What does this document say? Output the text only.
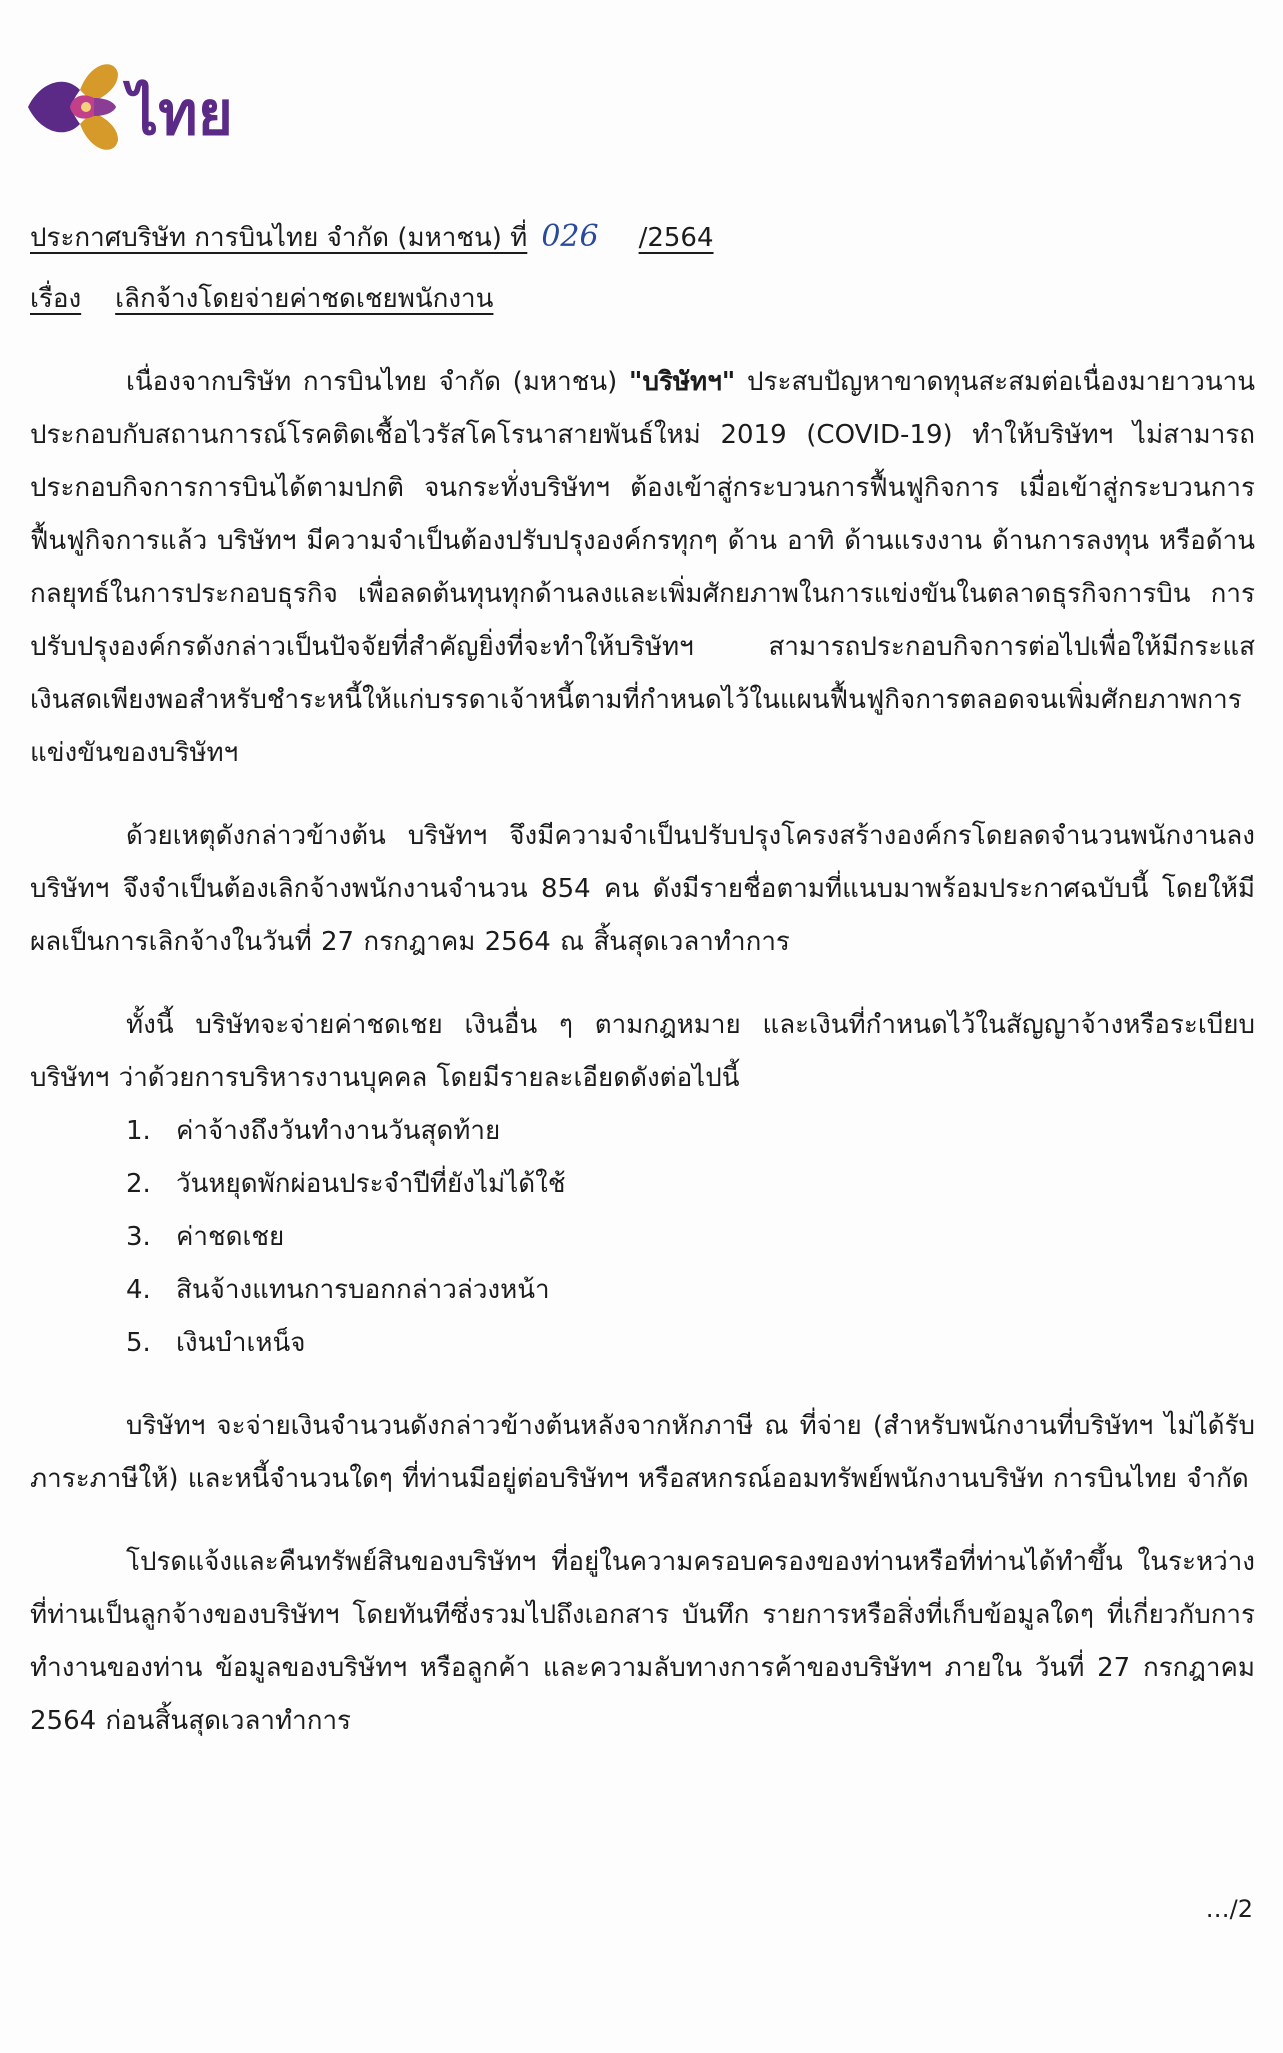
ไทย
ประกาศบริษัท การบินไทย จำกัด (มหาชน) ที่ 026 /2564
เรื่อง เลิกจ้างโดยจ่ายค่าชดเชยพนักงาน

เนื่องจากบริษัท การบินไทย จำกัด (มหาชน) "บริษัทฯ" ประสบปัญหาขาดทุนสะสมต่อเนื่องมายาวนาน ประกอบกับสถานการณ์โรคติดเชื้อไวรัสโคโรนาสายพันธ์ใหม่ 2019 (COVID-19) ทำให้บริษัทฯ ไม่สามารถประกอบกิจการการบินได้ตามปกติ จนกระทั่งบริษัทฯ ต้องเข้าสู่กระบวนการฟื้นฟูกิจการ เมื่อเข้าสู่กระบวนการฟื้นฟูกิจการแล้ว บริษัทฯ มีความจำเป็นต้องปรับปรุงองค์กรทุกๆ ด้าน อาทิ ด้านแรงงาน ด้านการลงทุน หรือด้านกลยุทธ์ในการประกอบธุรกิจ เพื่อลดต้นทุนทุกด้านลงและเพิ่มศักยภาพในการแข่งขันในตลาดธุรกิจการบิน การปรับปรุงองค์กรดังกล่าวเป็นปัจจัยที่สำคัญยิ่งที่จะทำให้บริษัทฯ สามารถประกอบกิจการต่อไปเพื่อให้มีกระแสเงินสดเพียงพอสำหรับชำระหนี้ให้แก่บรรดาเจ้าหนี้ตามที่กำหนดไว้ในแผนฟื้นฟูกิจการตลอดจนเพิ่มศักยภาพการแข่งขันของบริษัทฯ

ด้วยเหตุดังกล่าวข้างต้น บริษัทฯ จึงมีความจำเป็นปรับปรุงโครงสร้างองค์กรโดยลดจำนวนพนักงานลง บริษัทฯ จึงจำเป็นต้องเลิกจ้างพนักงานจำนวน 854 คน ดังมีรายชื่อตามที่แนบมาพร้อมประกาศฉบับนี้ โดยให้มีผลเป็นการเลิกจ้างในวันที่ 27 กรกฎาคม 2564 ณ สิ้นสุดเวลาทำการ

ทั้งนี้ บริษัทจะจ่ายค่าชดเชย เงินอื่น ๆ ตามกฎหมาย และเงินที่กำหนดไว้ในสัญญาจ้างหรือระเบียบบริษัทฯ ว่าด้วยการบริหารงานบุคคล โดยมีรายละเอียดดังต่อไปนี้

1. ค่าจ้างถึงวันทำงานวันสุดท้าย
2. วันหยุดพักผ่อนประจำปีที่ยังไม่ได้ใช้
3. ค่าชดเชย
4. สินจ้างแทนการบอกกล่าวล่วงหน้า
5. เงินบำเหน็จ

บริษัทฯ จะจ่ายเงินจำนวนดังกล่าวข้างต้นหลังจากหักภาษี ณ ที่จ่าย (สำหรับพนักงานที่บริษัทฯ ไม่ได้รับภาระภาษีให้) และหนี้จำนวนใดๆ ที่ท่านมีอยู่ต่อบริษัทฯ หรือสหกรณ์ออมทรัพย์พนักงานบริษัท การบินไทย จำกัด

โปรดแจ้งและคืนทรัพย์สินของบริษัทฯ ที่อยู่ในความครอบครองของท่านหรือที่ท่านได้ทำขึ้น ในระหว่างที่ท่านเป็นลูกจ้างของบริษัทฯ โดยทันทีซึ่งรวมไปถึงเอกสาร บันทึก รายการหรือสิ่งที่เก็บข้อมูลใดๆ ที่เกี่ยวกับการทำงานของท่าน ข้อมูลของบริษัทฯ หรือลูกค้า และความลับทางการค้าของบริษัทฯ ภายใน วันที่ 27 กรกฎาคม 2564 ก่อนสิ้นสุดเวลาทำการ

…/2
